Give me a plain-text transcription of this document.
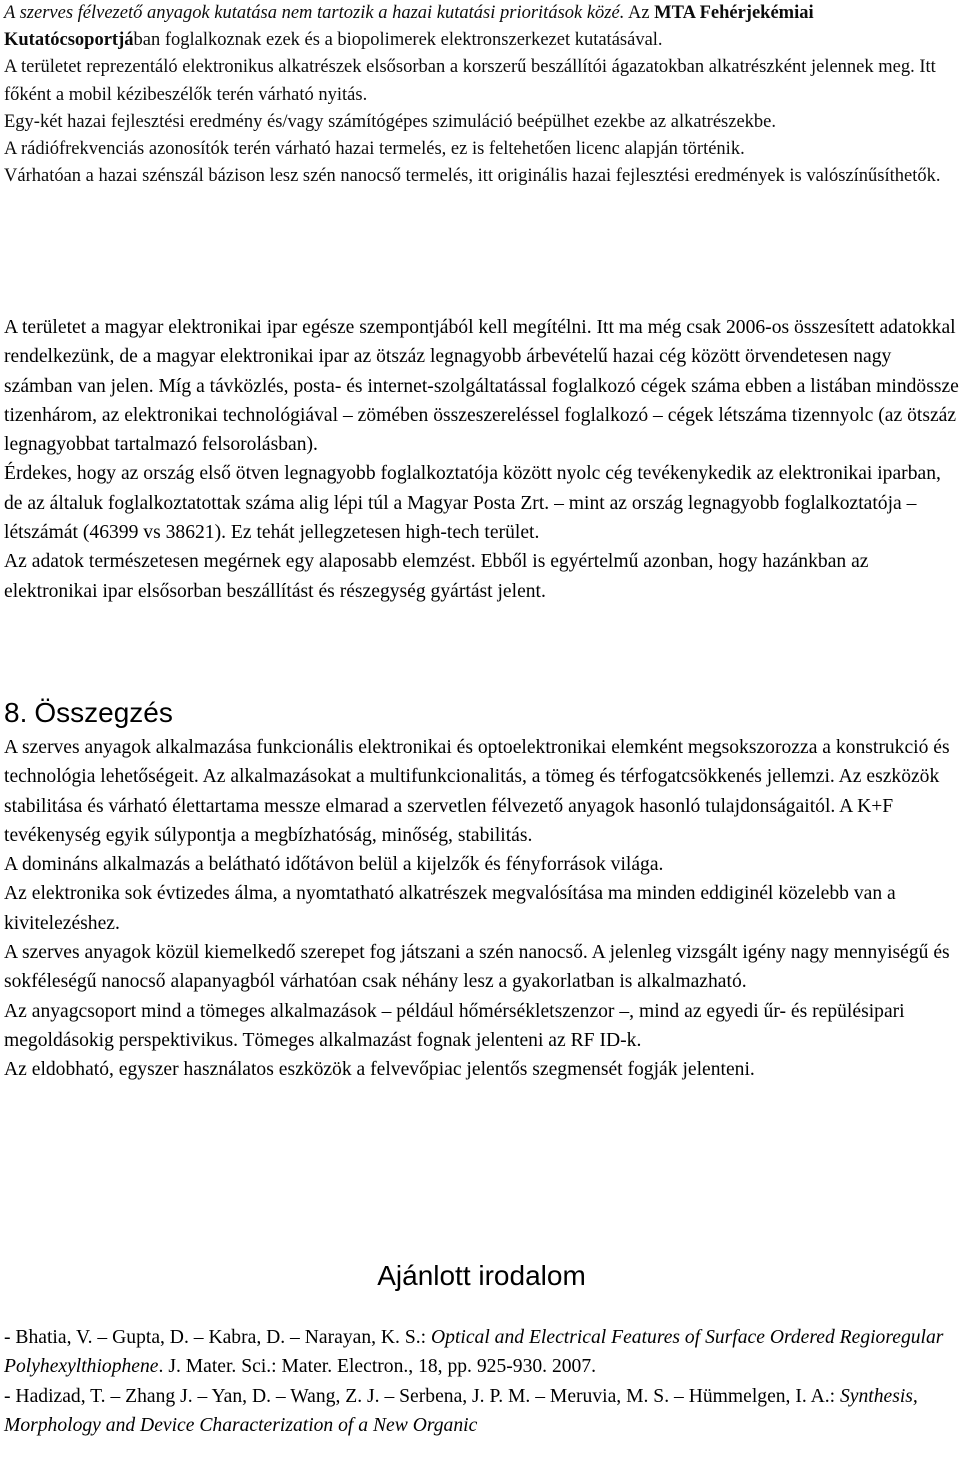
A szerves félvezető anyagok kutatása nem tartozik a hazai kutatási prioritások közé. Az MTA Fehérjekémiai Kutatócsoportjában foglalkoznak ezek és a biopolimerek elektronszerkezet kutatásával.

A területet reprezentáló elektronikus alkatrészek elsősorban a korszerű beszállítói ágazatokban alkatrészként jelennek meg. Itt főként a mobil kézibeszélők terén várható nyitás.

Egy-két hazai fejlesztési eredmény és/vagy számítógépes szimuláció beépülhet ezekbe az alkatrészekbe.

A rádiófrekvenciás azonosítók terén várható hazai termelés, ez is feltehetően licenc alapján történik.

Várhatóan a hazai szénszál bázison lesz szén nanocső termelés, itt originális hazai fejlesztési eredmények is valószínűsíthetők.

A területet a magyar elektronikai ipar egésze szempontjából kell megítélni. Itt ma még csak 2006-os összesített adatokkal rendelkezünk, de a magyar elektronikai ipar az ötszáz legnagyobb árbevételű hazai cég között örvendetesen nagy számban van jelen. Míg a távközlés, posta- és internet-szolgáltatással foglalkozó cégek száma ebben a listában mindössze tizenhárom, az elektronikai technológiával – zömében összeszereléssel foglalkozó – cégek létszáma tizennyolc (az ötszáz legnagyobbat tartalmazó felsorolásban).

Érdekes, hogy az ország első ötven legnagyobb foglalkoztatója között nyolc cég tevékenykedik az elektronikai iparban, de az általuk foglalkoztatottak száma alig lépi túl a Magyar Posta Zrt. – mint az ország legnagyobb foglalkoztatója – létszámát (46399 vs 38621). Ez tehát jellegzetesen high-tech terület.

Az adatok természetesen megérnek egy alaposabb elemzést. Ebből is egyértelmű azonban, hogy hazánkban az elektronikai ipar elsősorban beszállítást és részegység gyártást jelent.

8. Összegzés

A szerves anyagok alkalmazása funkcionális elektronikai és optoelektronikai elemként megsokszorozza a konstrukció és technológia lehetőségeit. Az alkalmazásokat a multifunkcionalitás, a tömeg és térfogatcsökkenés jellemzi. Az eszközök stabilitása és várható élettartama messze elmarad a szervetlen félvezető anyagok hasonló tulajdonságaitól. A K+F tevékenység egyik súlypontja a megbízhatóság, minőség, stabilitás.

A domináns alkalmazás a belátható időtávon belül a kijelzők és fényforrások világa.

Az elektronika sok évtizedes álma, a nyomtatható alkatrészek megvalósítása ma minden eddiginél közelebb van a kivitelezéshez.

A szerves anyagok közül kiemelkedő szerepet fog játszani a szén nanocső. A jelenleg vizsgált igény nagy mennyiségű és sokféleségű nanocső alapanyagból várhatóan csak néhány lesz a gyakorlatban is alkalmazható.

Az anyagcsoport mind a tömeges alkalmazások – például hőmérsékletszenzor –, mind az egyedi űr- és repülésipari megoldásokig perspektivikus. Tömeges alkalmazást fognak jelenteni az RF ID-k.

Az eldobható, egyszer használatos eszközök a felvevőpiac jelentős szegmensét fogják jelenteni.

Ajánlott irodalom

- Bhatia, V. – Gupta, D. – Kabra, D. – Narayan, K. S.: Optical and Electrical Features of Surface Ordered Regioregular Polyhexylthiophene. J. Mater. Sci.: Mater. Electron., 18, pp. 925-930. 2007.

- Hadizad, T. – Zhang J. – Yan, D. – Wang, Z. J. – Serbena, J. P. M. – Meruvia, M. S. – Hümmelgen, I. A.: Synthesis, Morphology and Device Characterization of a New Organic
